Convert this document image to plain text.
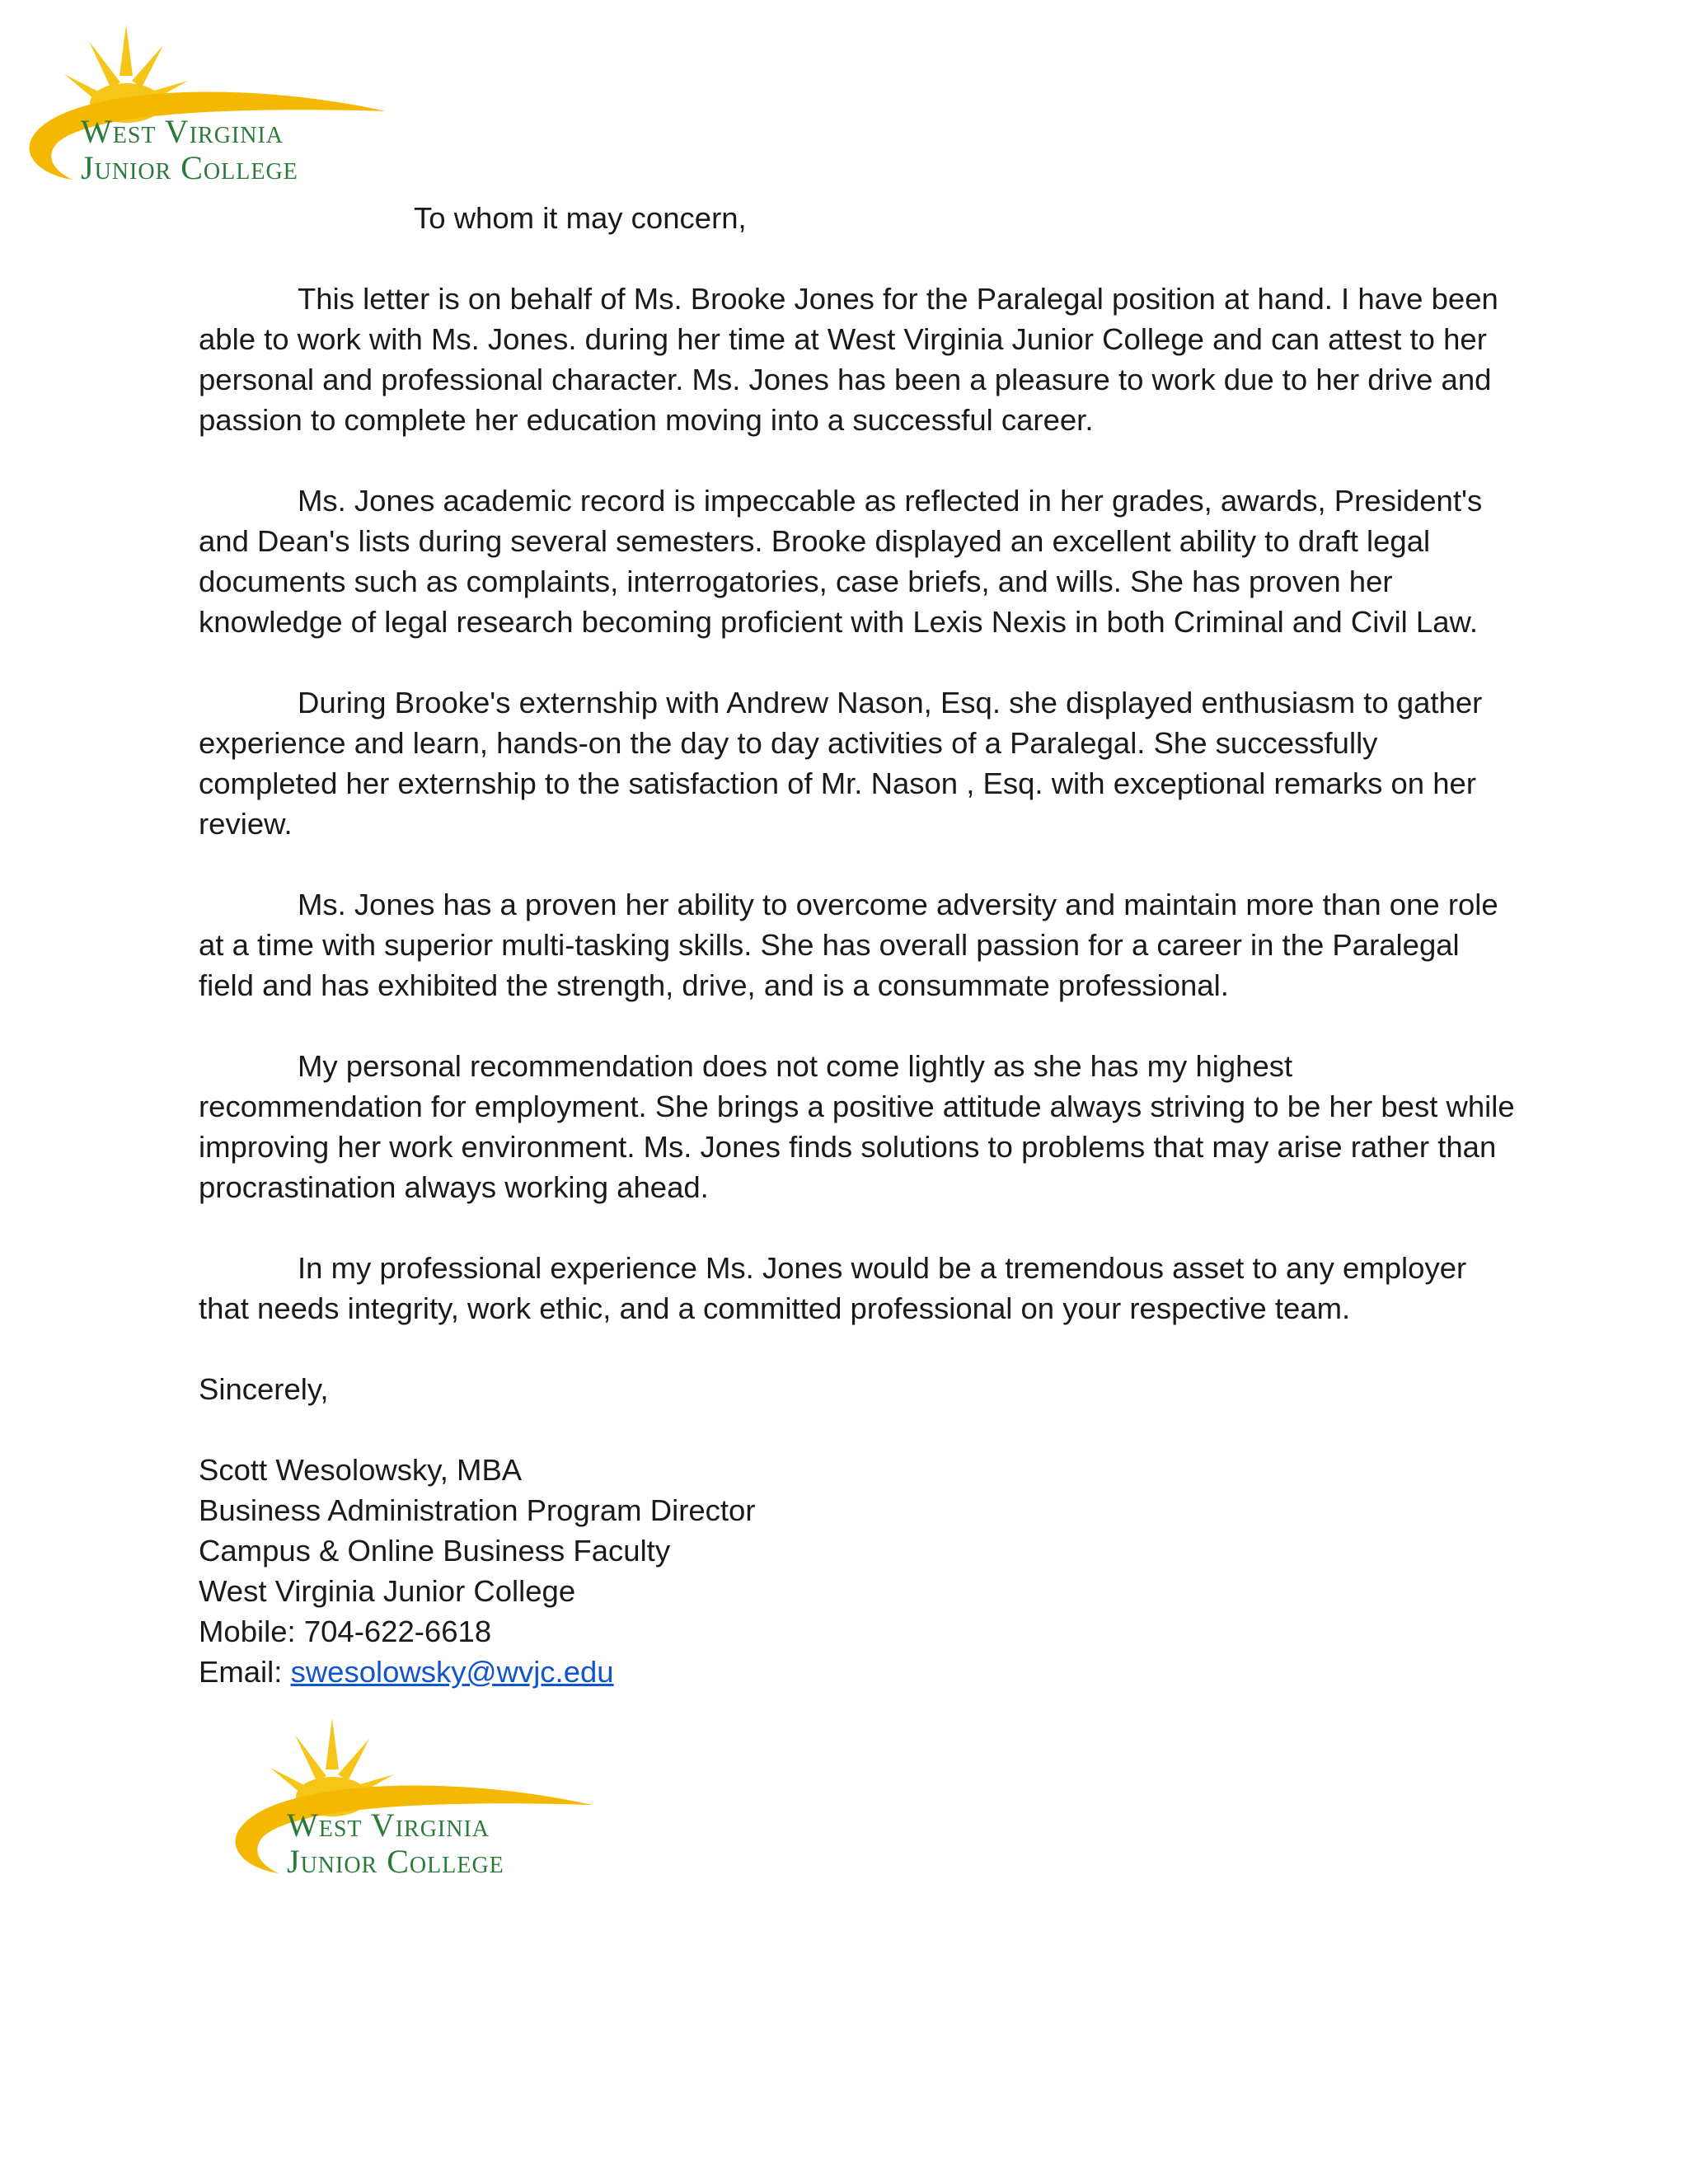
West Virginia
Junior College
To whom it may concern,

This letter is on behalf of Ms. Brooke Jones for the Paralegal position at hand. I have been able to work with Ms. Jones. during her time at West Virginia Junior College and can attest to her personal and professional character. Ms. Jones has been a pleasure to work due to her drive and passion to complete her education moving into a successful career.

Ms. Jones academic record is impeccable as reflected in her grades, awards, President's and Dean's lists during several semesters. Brooke displayed an excellent ability to draft legal documents such as complaints, interrogatories, case briefs, and wills. She has proven her knowledge of legal research becoming proficient with Lexis Nexis in both Criminal and Civil Law.

During Brooke's externship with Andrew Nason, Esq. she displayed enthusiasm to gather experience and learn, hands-on the day to day activities of a Paralegal. She successfully completed her externship to the satisfaction of Mr. Nason , Esq. with exceptional remarks on her review.

Ms. Jones has a proven her ability to overcome adversity and maintain more than one role at a time with superior multi-tasking skills. She has overall passion for a career in the Paralegal field and has exhibited the strength, drive, and is a consummate professional.

My personal recommendation does not come lightly as she has my highest recommendation for employment. She brings a positive attitude always striving to be her best while improving her work environment. Ms. Jones finds solutions to problems that may arise rather than procrastination always working ahead.

In my professional experience Ms. Jones would be a tremendous asset to any employer that needs integrity, work ethic, and a committed professional on your respective team.

Sincerely,
Scott Wesolowsky, MBA
Business Administration Program Director
Campus & Online Business Faculty
West Virginia Junior College
Mobile: 704-622-6618
Email: swesolowsky@wvjc.edu
West Virginia
Junior College
